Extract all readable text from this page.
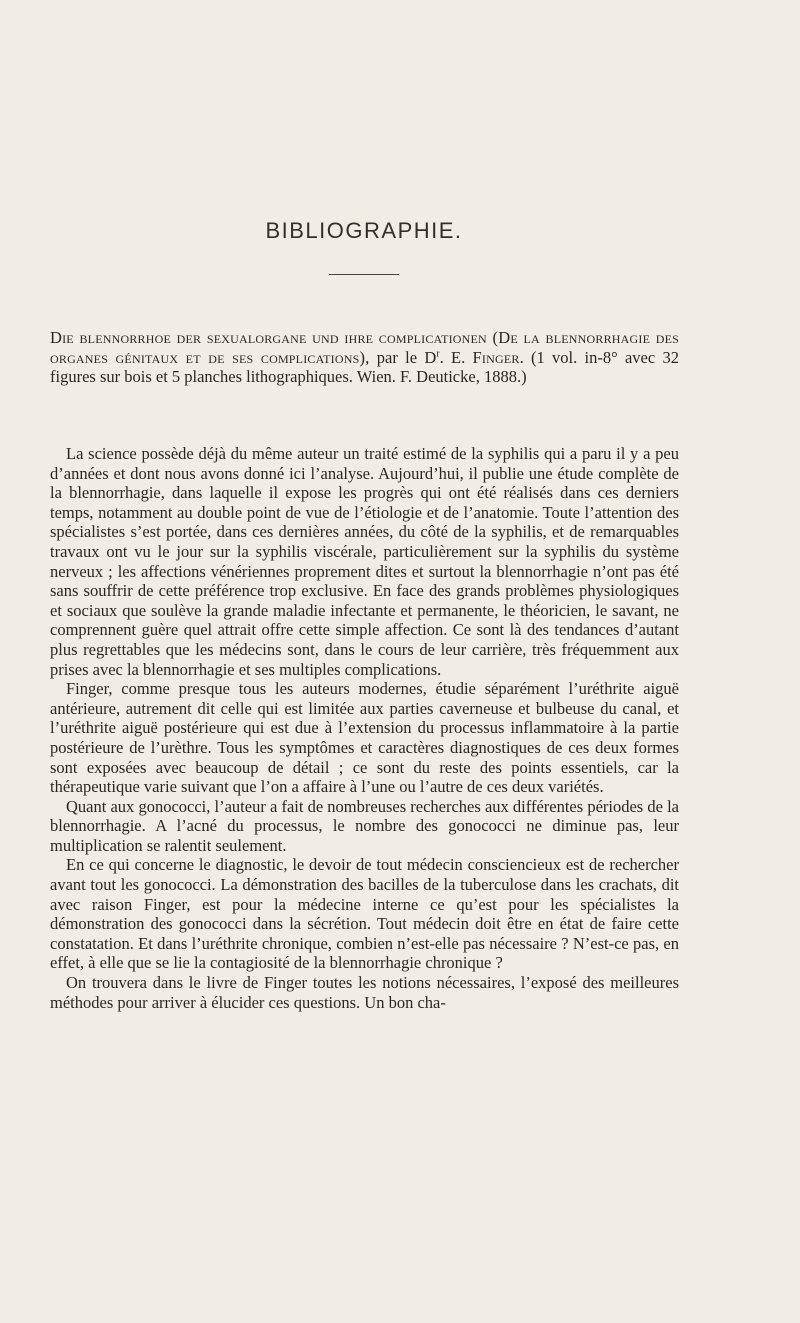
BIBLIOGRAPHIE.
Die blennorrhoe der sexualorgane und ihre complicationen (De la blennorrhagie des organes génitaux et de ses complications), par le $D^r$. E. Finger. (1 vol. in-8° avec 32 figures sur bois et 5 planches lithographiques. Wien. F. Deuticke, 1888.)

La science possède déjà du même auteur un traité estimé de la syphilis qui a paru il y a peu d’années et dont nous avons donné ici l’analyse. Aujourd’hui, il publie une étude complète de la blennorrhagie, dans laquelle il expose les progrès qui ont été réalisés dans ces derniers temps, notamment au double point de vue de l’étiologie et de l’anatomie. Toute l’attention des spécialistes s’est portée, dans ces dernières années, du côté de la syphilis, et de remarquables travaux ont vu le jour sur la syphilis viscérale, particulièrement sur la syphilis du système nerveux ; les affections vénériennes proprement dites et surtout la blennorrhagie n’ont pas été sans souffrir de cette préférence trop exclusive. En face des grands problèmes physiologiques et sociaux que soulève la grande maladie infectante et permanente, le théoricien, le savant, ne comprennent guère quel attrait offre cette simple affection. Ce sont là des tendances d’autant plus regrettables que les médecins sont, dans le cours de leur carrière, très fréquemment aux prises avec la blennorrhagie et ses multiples complications.

Finger, comme presque tous les auteurs modernes, étudie séparément l’uréthrite aiguë antérieure, autrement dit celle qui est limitée aux parties caverneuse et bulbeuse du canal, et l’uréthrite aiguë postérieure qui est due à l’extension du processus inflammatoire à la partie postérieure de l’urèthre. Tous les symptômes et caractères diagnostiques de ces deux formes sont exposées avec beaucoup de détail ; ce sont du reste des points essentiels, car la thérapeutique varie suivant que l’on a affaire à l’une ou l’autre de ces deux variétés.

Quant aux gonococci, l’auteur a fait de nombreuses recherches aux différentes périodes de la blennorrhagie. A l’acné du processus, le nombre des gonococci ne diminue pas, leur multiplication se ralentit seulement.

En ce qui concerne le diagnostic, le devoir de tout médecin consciencieux est de rechercher avant tout les gonococci. La démonstration des bacilles de la tuberculose dans les crachats, dit avec raison Finger, est pour la médecine interne ce qu’est pour les spécialistes la démonstration des gonococci dans la sécrétion. Tout médecin doit être en état de faire cette constatation. Et dans l’uréthrite chronique, combien n’est-elle pas nécessaire ? N’est-ce pas, en effet, à elle que se lie la contagiosité de la blennorrhagie chronique ?

On trouvera dans le livre de Finger toutes les notions nécessaires, l’exposé des meilleures méthodes pour arriver à élucider ces questions. Un bon cha-
